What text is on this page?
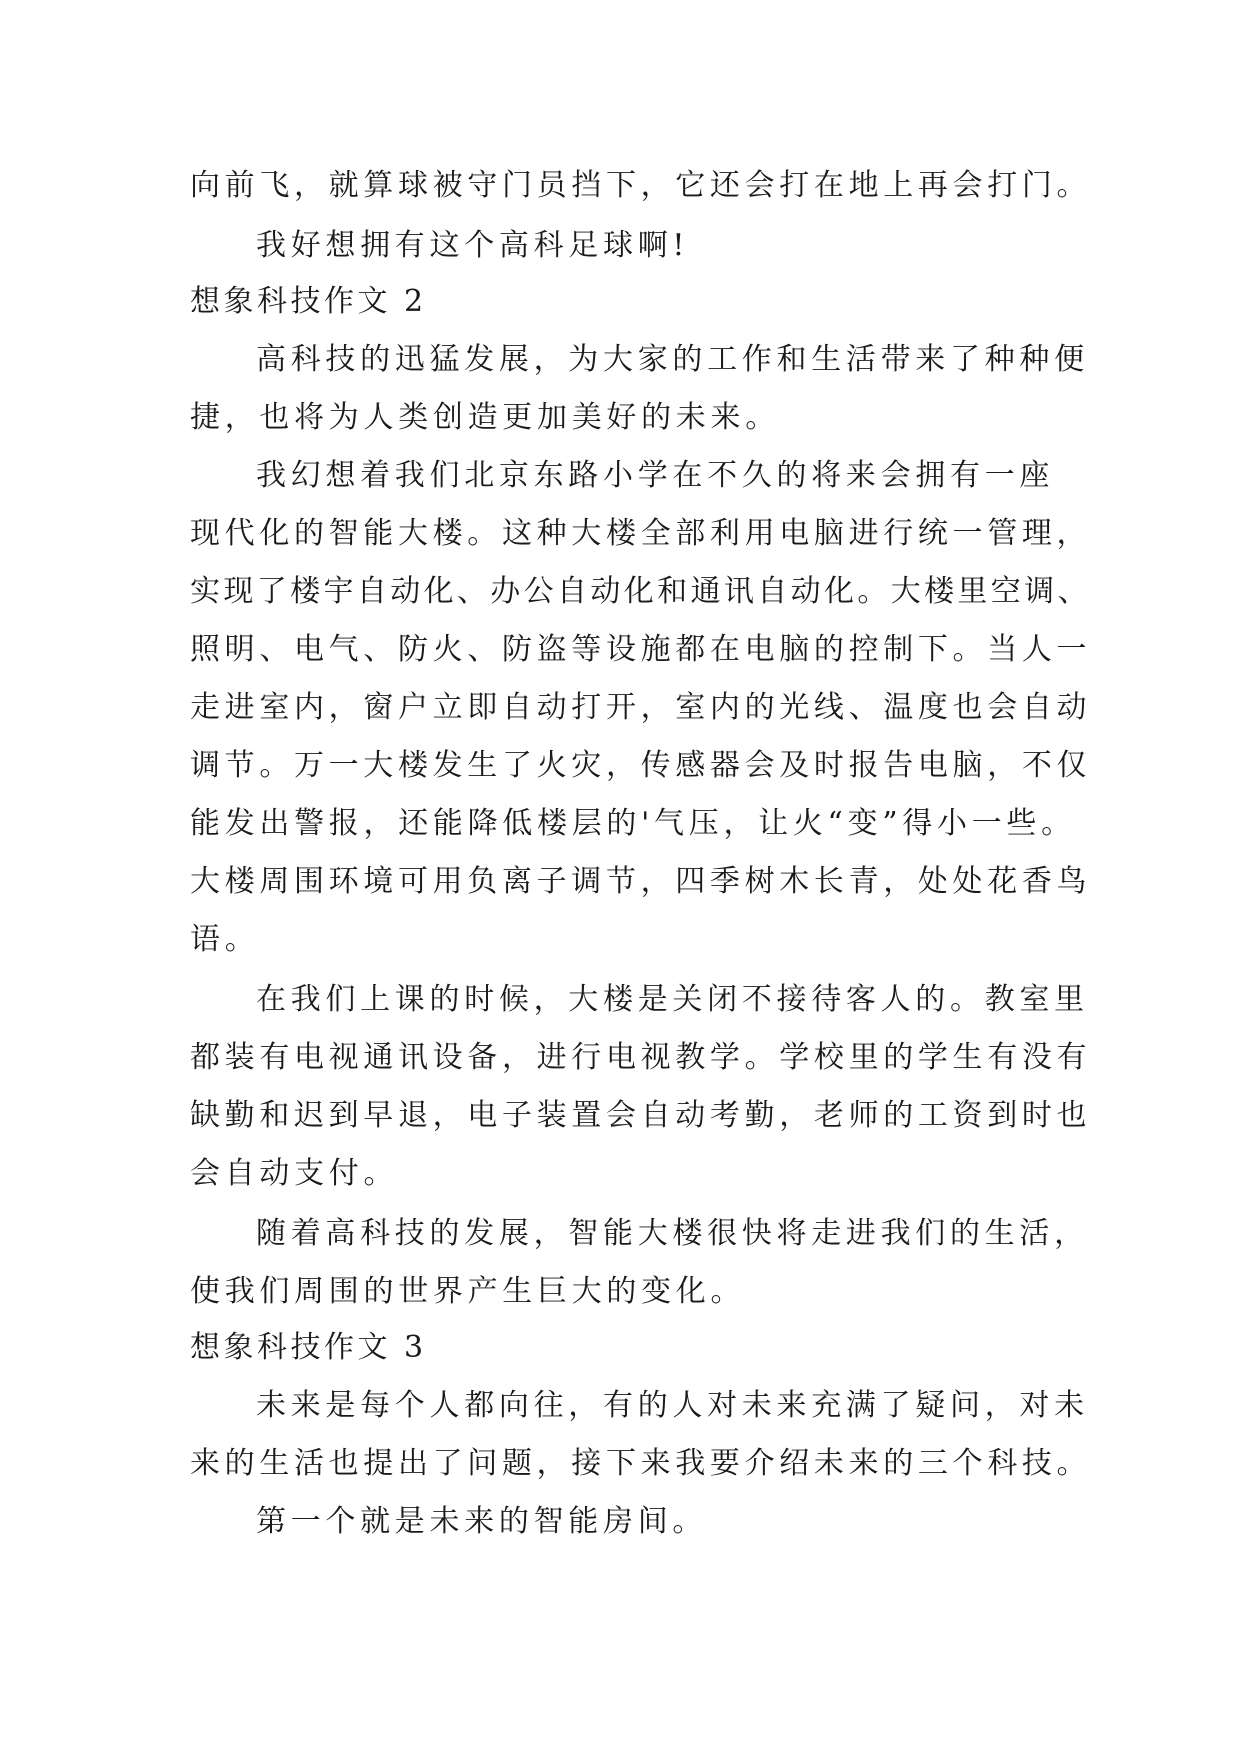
向前飞，就算球被守门员挡下，它还会打在地上再会打门。
我好想拥有这个高科足球啊!
想象科技作文 2
高科技的迅猛发展，为大家的工作和生活带来了种种便
捷，也将为人类创造更加美好的未来。
我幻想着我们北京东路小学在不久的将来会拥有一座
现代化的智能大楼。这种大楼全部利用电脑进行统一管理，
实现了楼宇自动化、办公自动化和通讯自动化。大楼里空调、
照明、电气、防火、防盗等设施都在电脑的控制下。当人一
走进室内，窗户立即自动打开，室内的光线、温度也会自动
调节。万一大楼发生了火灾，传感器会及时报告电脑，不仅
能发出警报，还能降低楼层的'气压，让火“变”得小一些。
大楼周围环境可用负离子调节，四季树木长青，处处花香鸟
语。
在我们上课的时候，大楼是关闭不接待客人的。教室里
都装有电视通讯设备，进行电视教学。学校里的学生有没有
缺勤和迟到早退，电子装置会自动考勤，老师的工资到时也
会自动支付。
随着高科技的发展，智能大楼很快将走进我们的生活，
使我们周围的世界产生巨大的变化。
想象科技作文 3
未来是每个人都向往，有的人对未来充满了疑问，对未
来的生活也提出了问题，接下来我要介绍未来的三个科技。
第一个就是未来的智能房间。
